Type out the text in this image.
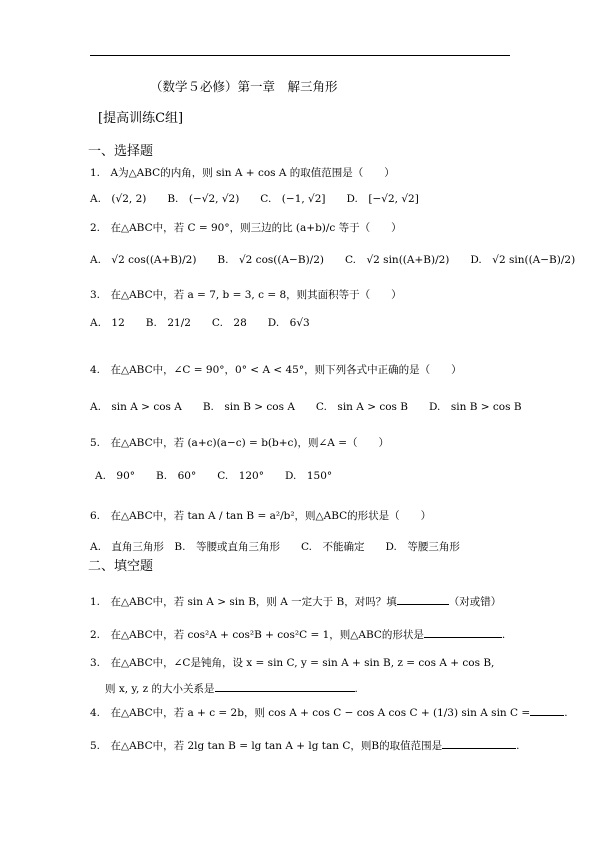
（数学５必修）第一章　解三角形
[提高训练C组]
一、选择题
1.　A为△ABC的内角，则 sin A + cos A 的取值范围是（　　）
A.　(√2, 2)　　B.　(−√2, √2)　　C.　(−1, √2]　　D.　[−√2, √2]
2.　在△ABC中，若 C = 90°，则三边的比 (a+b)/c 等于（　　）
A.　√2 cos((A+B)/2)　　B.　√2 cos((A−B)/2)　　C.　√2 sin((A+B)/2)　　D.　√2 sin((A−B)/2)
3.　在△ABC中，若 a = 7, b = 3, c = 8，则其面积等于（　　）
A.　12　　B.　21/2　　C.　28　　D.　6√3
4.　在△ABC中，∠C = 90°，0° < A < 45°，则下列各式中正确的是（　　）
A.　sin A > cos A　　B.　sin B > cos A　　C.　sin A > cos B　　D.　sin B > cos B
5.　在△ABC中，若 (a+c)(a−c) = b(b+c)，则∠A =（　　）
A.　90°　　B.　60°　　C.　120°　　D.　150°
6.　在△ABC中，若 tan A / tan B = a²/b²，则△ABC的形状是（　　）
A.　直角三角形　B.　等腰或直角三角形　　C.　不能确定　　D.　等腰三角形
二、填空题
1.　在△ABC中，若 sin A > sin B，则 A 一定大于 B，对吗？填	（对或错）
2.　在△ABC中，若 cos²A + cos²B + cos²C = 1，则△ABC的形状是	.
3.　在△ABC中，∠C是钝角，设 x = sin C, y = sin A + sin B, z = cos A + cos B,
则 x, y, z 的大小关系是	.
4.　在△ABC中，若 a + c = 2b，则 cos A + cos C − cos A cos C + (1/3) sin A sin C =	.
5.　在△ABC中，若 2lg tan B = lg tan A + lg tan C，则B的取值范围是	.
